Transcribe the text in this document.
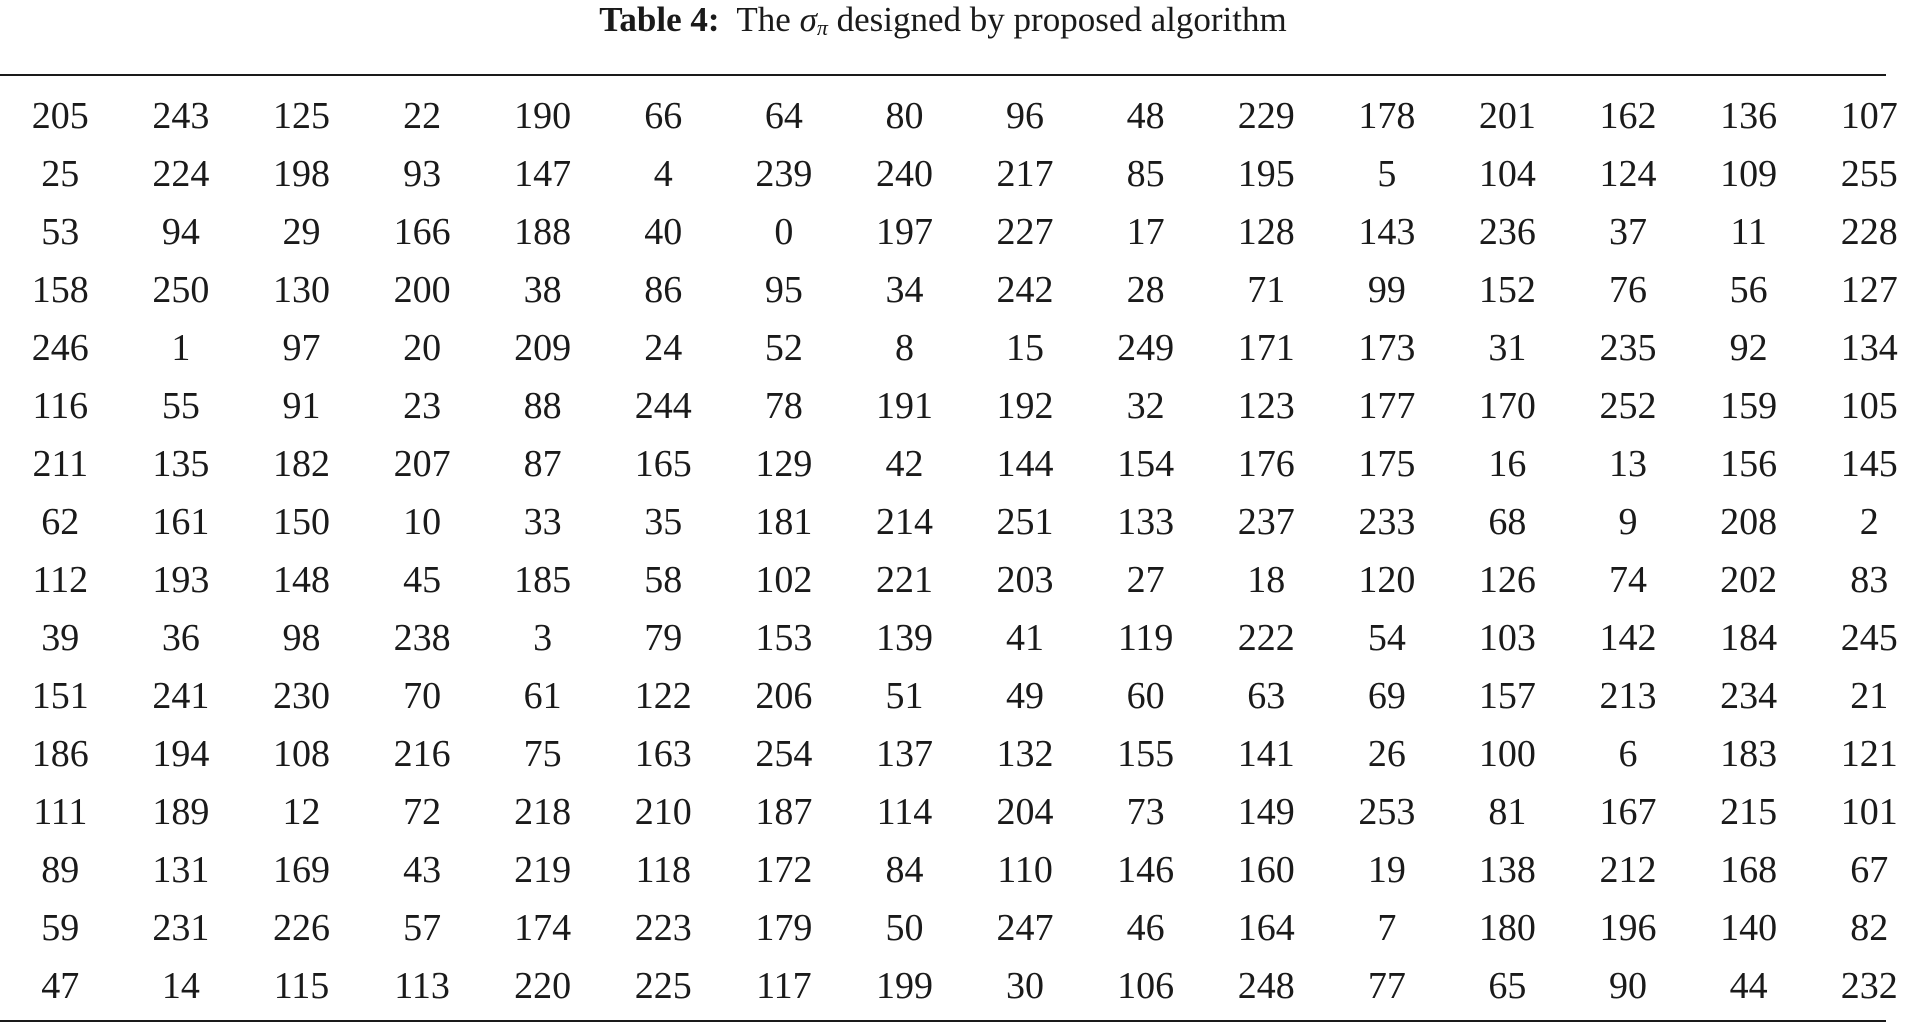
Table 4: The $\sigma_\pi$ designed by proposed algorithm
205	243	125	22	190	66	64	80	96	48	229	178	201	162	136	107
25	224	198	93	147	4	239	240	217	85	195	5	104	124	109	255
53	94	29	166	188	40	0	197	227	17	128	143	236	37	11	228
158	250	130	200	38	86	95	34	242	28	71	99	152	76	56	127
246	1	97	20	209	24	52	8	15	249	171	173	31	235	92	134
116	55	91	23	88	244	78	191	192	32	123	177	170	252	159	105
211	135	182	207	87	165	129	42	144	154	176	175	16	13	156	145
62	161	150	10	33	35	181	214	251	133	237	233	68	9	208	2
112	193	148	45	185	58	102	221	203	27	18	120	126	74	202	83
39	36	98	238	3	79	153	139	41	119	222	54	103	142	184	245
151	241	230	70	61	122	206	51	49	60	63	69	157	213	234	21
186	194	108	216	75	163	254	137	132	155	141	26	100	6	183	121
111	189	12	72	218	210	187	114	204	73	149	253	81	167	215	101
89	131	169	43	219	118	172	84	110	146	160	19	138	212	168	67
59	231	226	57	174	223	179	50	247	46	164	7	180	196	140	82
47	14	115	113	220	225	117	199	30	106	248	77	65	90	44	232
